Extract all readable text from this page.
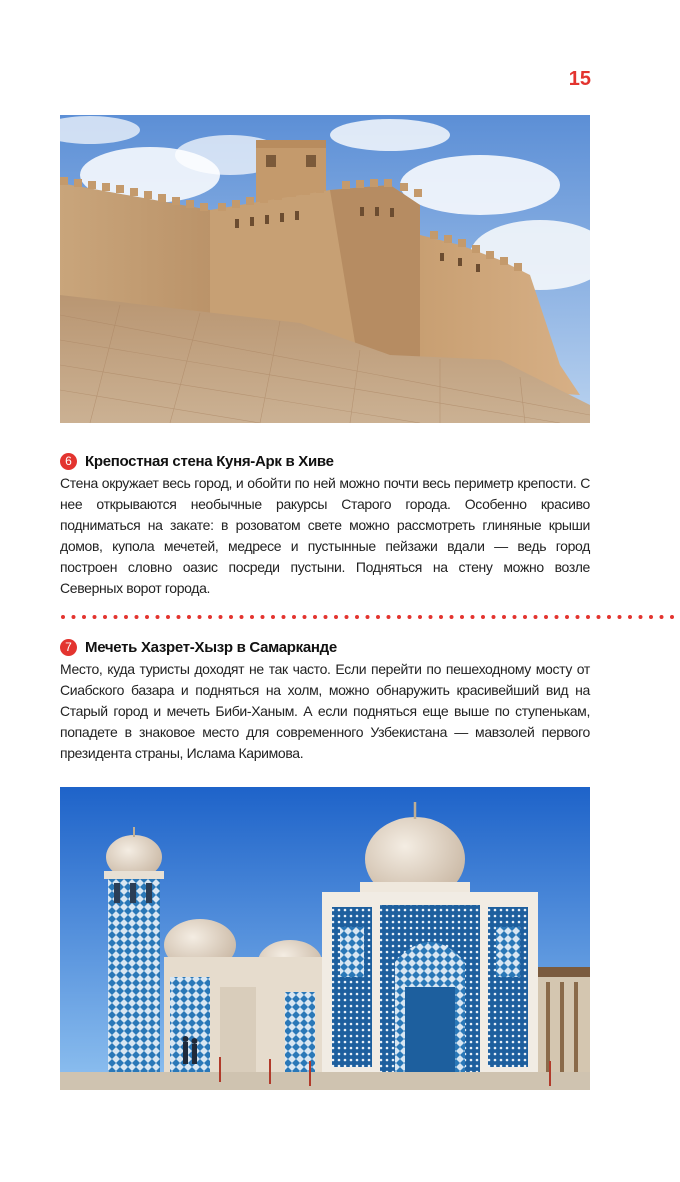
15
6 Крепостная стена Куня-Арк в Хиве

Стена окружает весь город, и обойти по ней можно почти весь периметр крепости. С нее открываются необычные ракурсы Старого города. Особенно красиво подниматься на закате: в розоватом свете можно рассмотреть глиняные крыши домов, купола мечетей, медресе и пустынные пейзажи вдали — ведь город построен словно оазис посреди пустыни. Подняться на стену можно возле Северных ворот города.

7 Мечеть Хазрет-Хызр в Самарканде

Место, куда туристы доходят не так часто. Если перейти по пешеходному мосту от Сиабского базара и подняться на холм, можно обнаружить красивейший вид на Старый город и мечеть Биби-Ханым. А если подняться еще выше по ступенькам, попадете в знаковое место для современного Узбекистана — мавзолей первого президента страны, Ислама Каримова.
